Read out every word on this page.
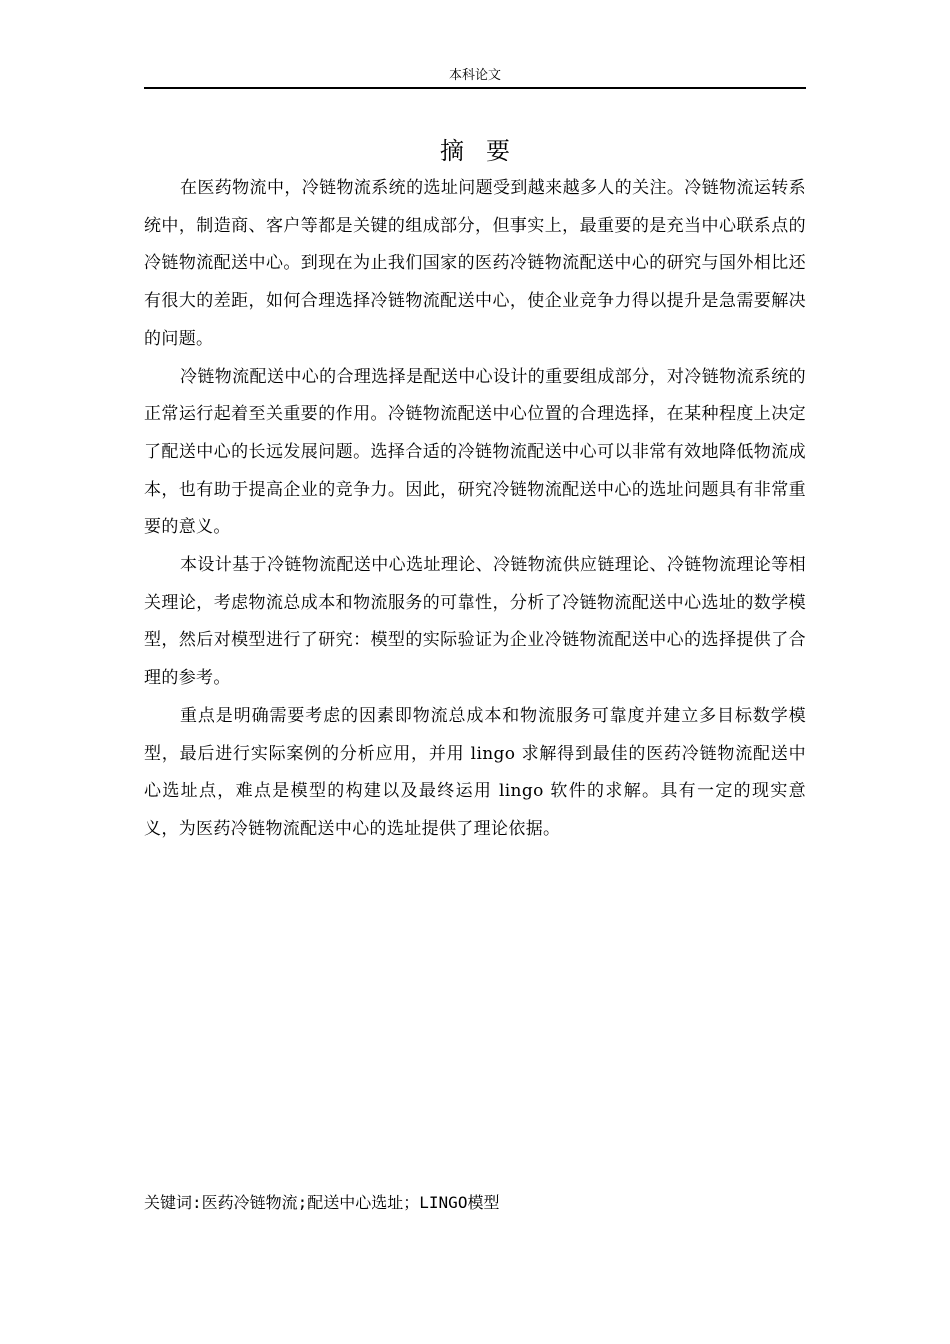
本科论文
摘要

在医药物流中，冷链物流系统的选址问题受到越来越多人的关注。冷链物流运转系统中，制造商、客户等都是关键的组成部分，但事实上，最重要的是充当中心联系点的冷链物流配送中心。到现在为止我们国家的医药冷链物流配送中心的研究与国外相比还有很大的差距，如何合理选择冷链物流配送中心，使企业竞争力得以提升是急需要解决的问题。

冷链物流配送中心的合理选择是配送中心设计的重要组成部分，对冷链物流系统的正常运行起着至关重要的作用。冷链物流配送中心位置的合理选择，在某种程度上决定了配送中心的长远发展问题。选择合适的冷链物流配送中心可以非常有效地降低物流成本，也有助于提高企业的竞争力。因此，研究冷链物流配送中心的选址问题具有非常重要的意义。

本设计基于冷链物流配送中心选址理论、冷链物流供应链理论、冷链物流理论等相关理论，考虑物流总成本和物流服务的可靠性，分析了冷链物流配送中心选址的数学模型，然后对模型进行了研究：模型的实际验证为企业冷链物流配送中心的选择提供了合理的参考。

重点是明确需要考虑的因素即物流总成本和物流服务可靠度并建立多目标数学模型，最后进行实际案例的分析应用，并用 lingo 求解得到最佳的医药冷链物流配送中心选址点，难点是模型的构建以及最终运用 lingo 软件的求解。具有一定的现实意义，为医药冷链物流配送中心的选址提供了理论依据。

关键词:医药冷链物流;配送中心选址；LINGO模型
